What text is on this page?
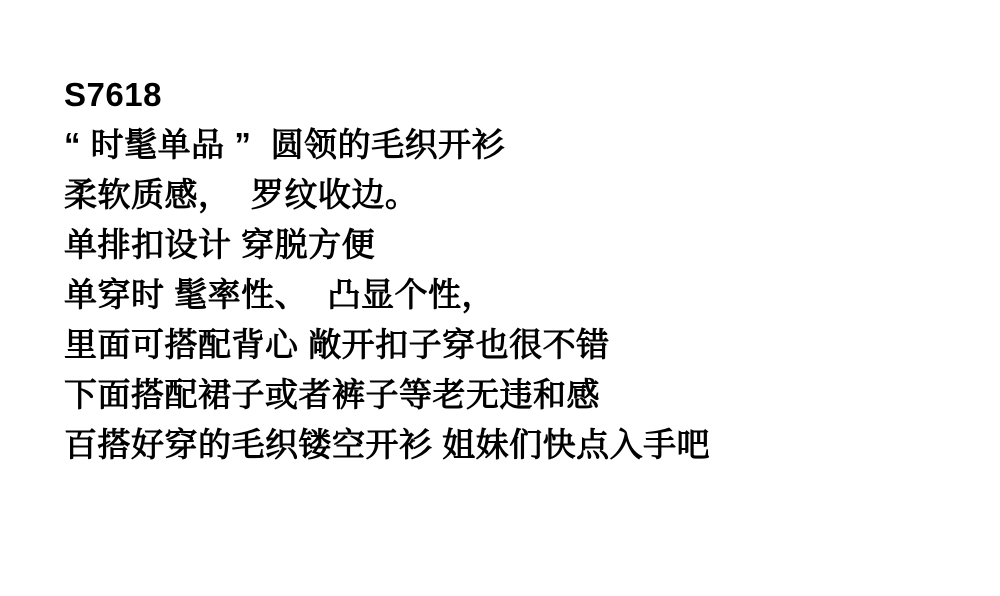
S7618

“ 时髦单品 ”  圆领的毛织开衫

柔软质感，  罗纹收边。

单排扣设计 穿脱方便

单穿时 髦率性、  凸显个性，

里面可搭配背心 敞开扣子穿也很不错

下面搭配裙子或者裤子等老无违和感

百搭好穿的毛织镂空开衫 姐妹们快点入手吧
